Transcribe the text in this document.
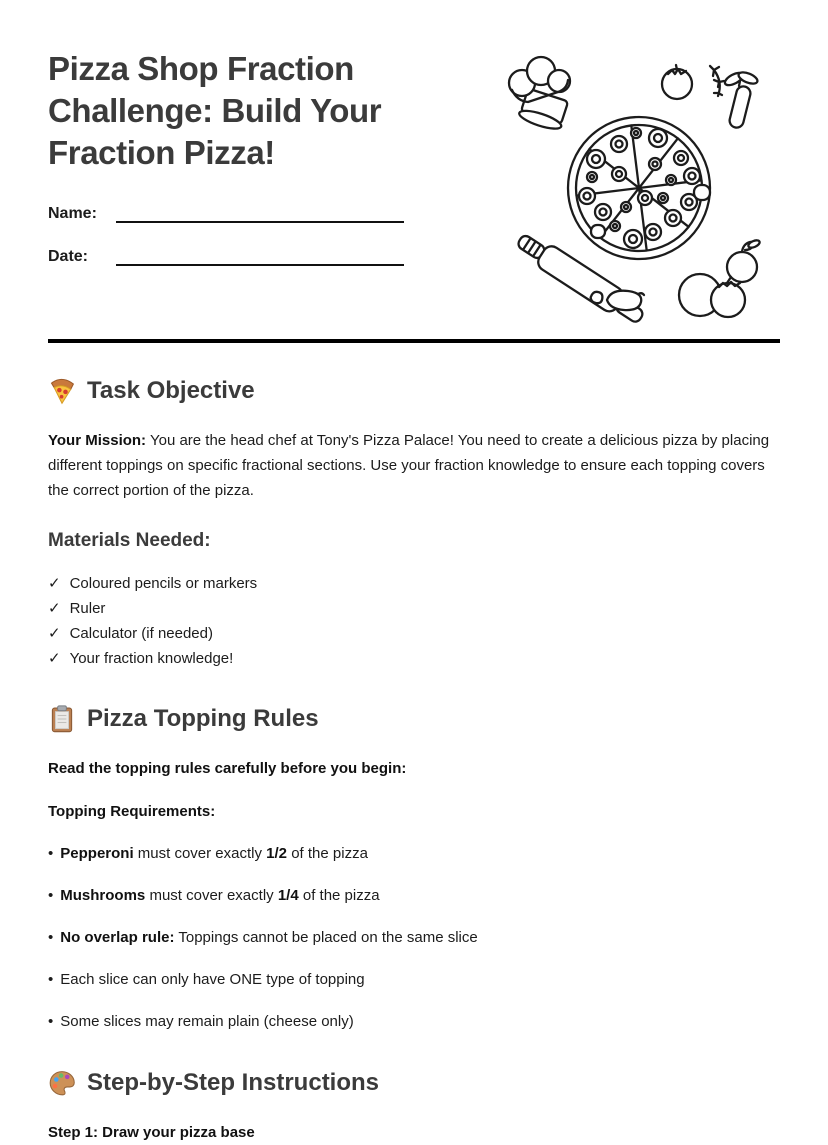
Pizza Shop Fraction Challenge: Build Your Fraction Pizza!
Name:
Date:
Task Objective

Your Mission: You are the head chef at Tony's Pizza Palace! You need to create a delicious pizza by placing different toppings on specific fractional sections. Use your fraction knowledge to ensure each topping covers the correct portion of the pizza.

Materials Needed:

✓ Coloured pencils or markers

✓ Ruler

✓ Calculator (if needed)

✓ Your fraction knowledge!

Pizza Topping Rules

Read the topping rules carefully before you begin:

Topping Requirements:

• Pepperoni must cover exactly 1/2 of the pizza

• Mushrooms must cover exactly 1/4 of the pizza

• No overlap rule: Toppings cannot be placed on the same slice

• Each slice can only have ONE type of topping

• Some slices may remain plain (cheese only)

Step-by-Step Instructions

Step 1: Draw your pizza base
